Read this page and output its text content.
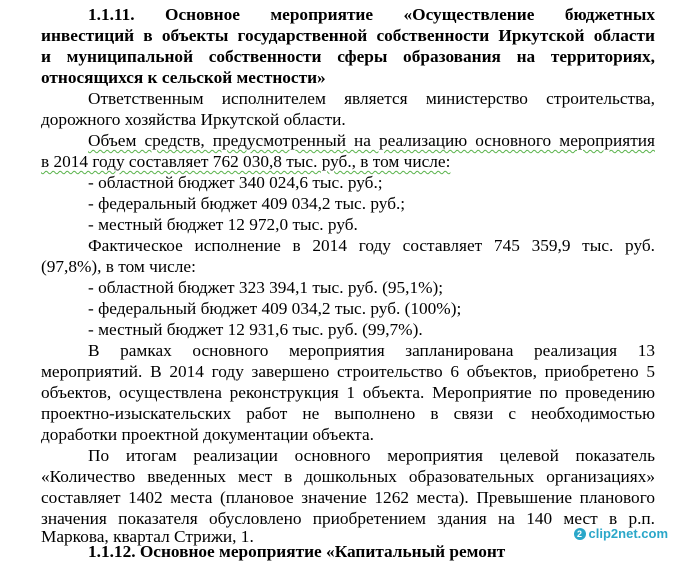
1.1.11. Основное мероприятие «Осуществление бюджетных
инвестиций в объекты государственной собственности Иркутской области
и муниципальной собственности сферы образования на территориях,
относящихся к сельской местности»
Ответственным исполнителем является министерство строительства,
дорожного хозяйства Иркутской области.
Объем средств, предусмотренный на реализацию основного мероприятия
в 2014 году составляет 762 030,8 тыс. руб., в том числе:
- областной бюджет 340 024,6 тыс. руб.;
- федеральный бюджет 409 034,2 тыс. руб.;
- местный бюджет 12 972,0 тыс. руб.
Фактическое исполнение в 2014 году составляет 745 359,9 тыс. руб.
(97,8%), в том числе:
- областной бюджет 323 394,1 тыс. руб. (95,1%);
- федеральный бюджет 409 034,2 тыс. руб. (100%);
- местный бюджет 12 931,6 тыс. руб. (99,7%).
В рамках основного мероприятия запланирована реализация 13
мероприятий. В 2014 году завершено строительство 6 объектов, приобретено 5
объектов, осуществлена реконструкция 1 объекта. Мероприятие по проведению
проектно-изыскательских работ не выполнено в связи с необходимостью
доработки проектной документации объекта.
По итогам реализации основного мероприятия целевой показатель
«Количество введенных мест в дошкольных образовательных организациях»
составляет 1402 места (плановое значение 1262 места). Превышение планового
значения показателя обусловлено приобретением здания на 140 мест в р.п.
Маркова, квартал Стрижи, 1.
1.1.12. Основное мероприятие «Капитальный ремонт
2 clip2net.com
